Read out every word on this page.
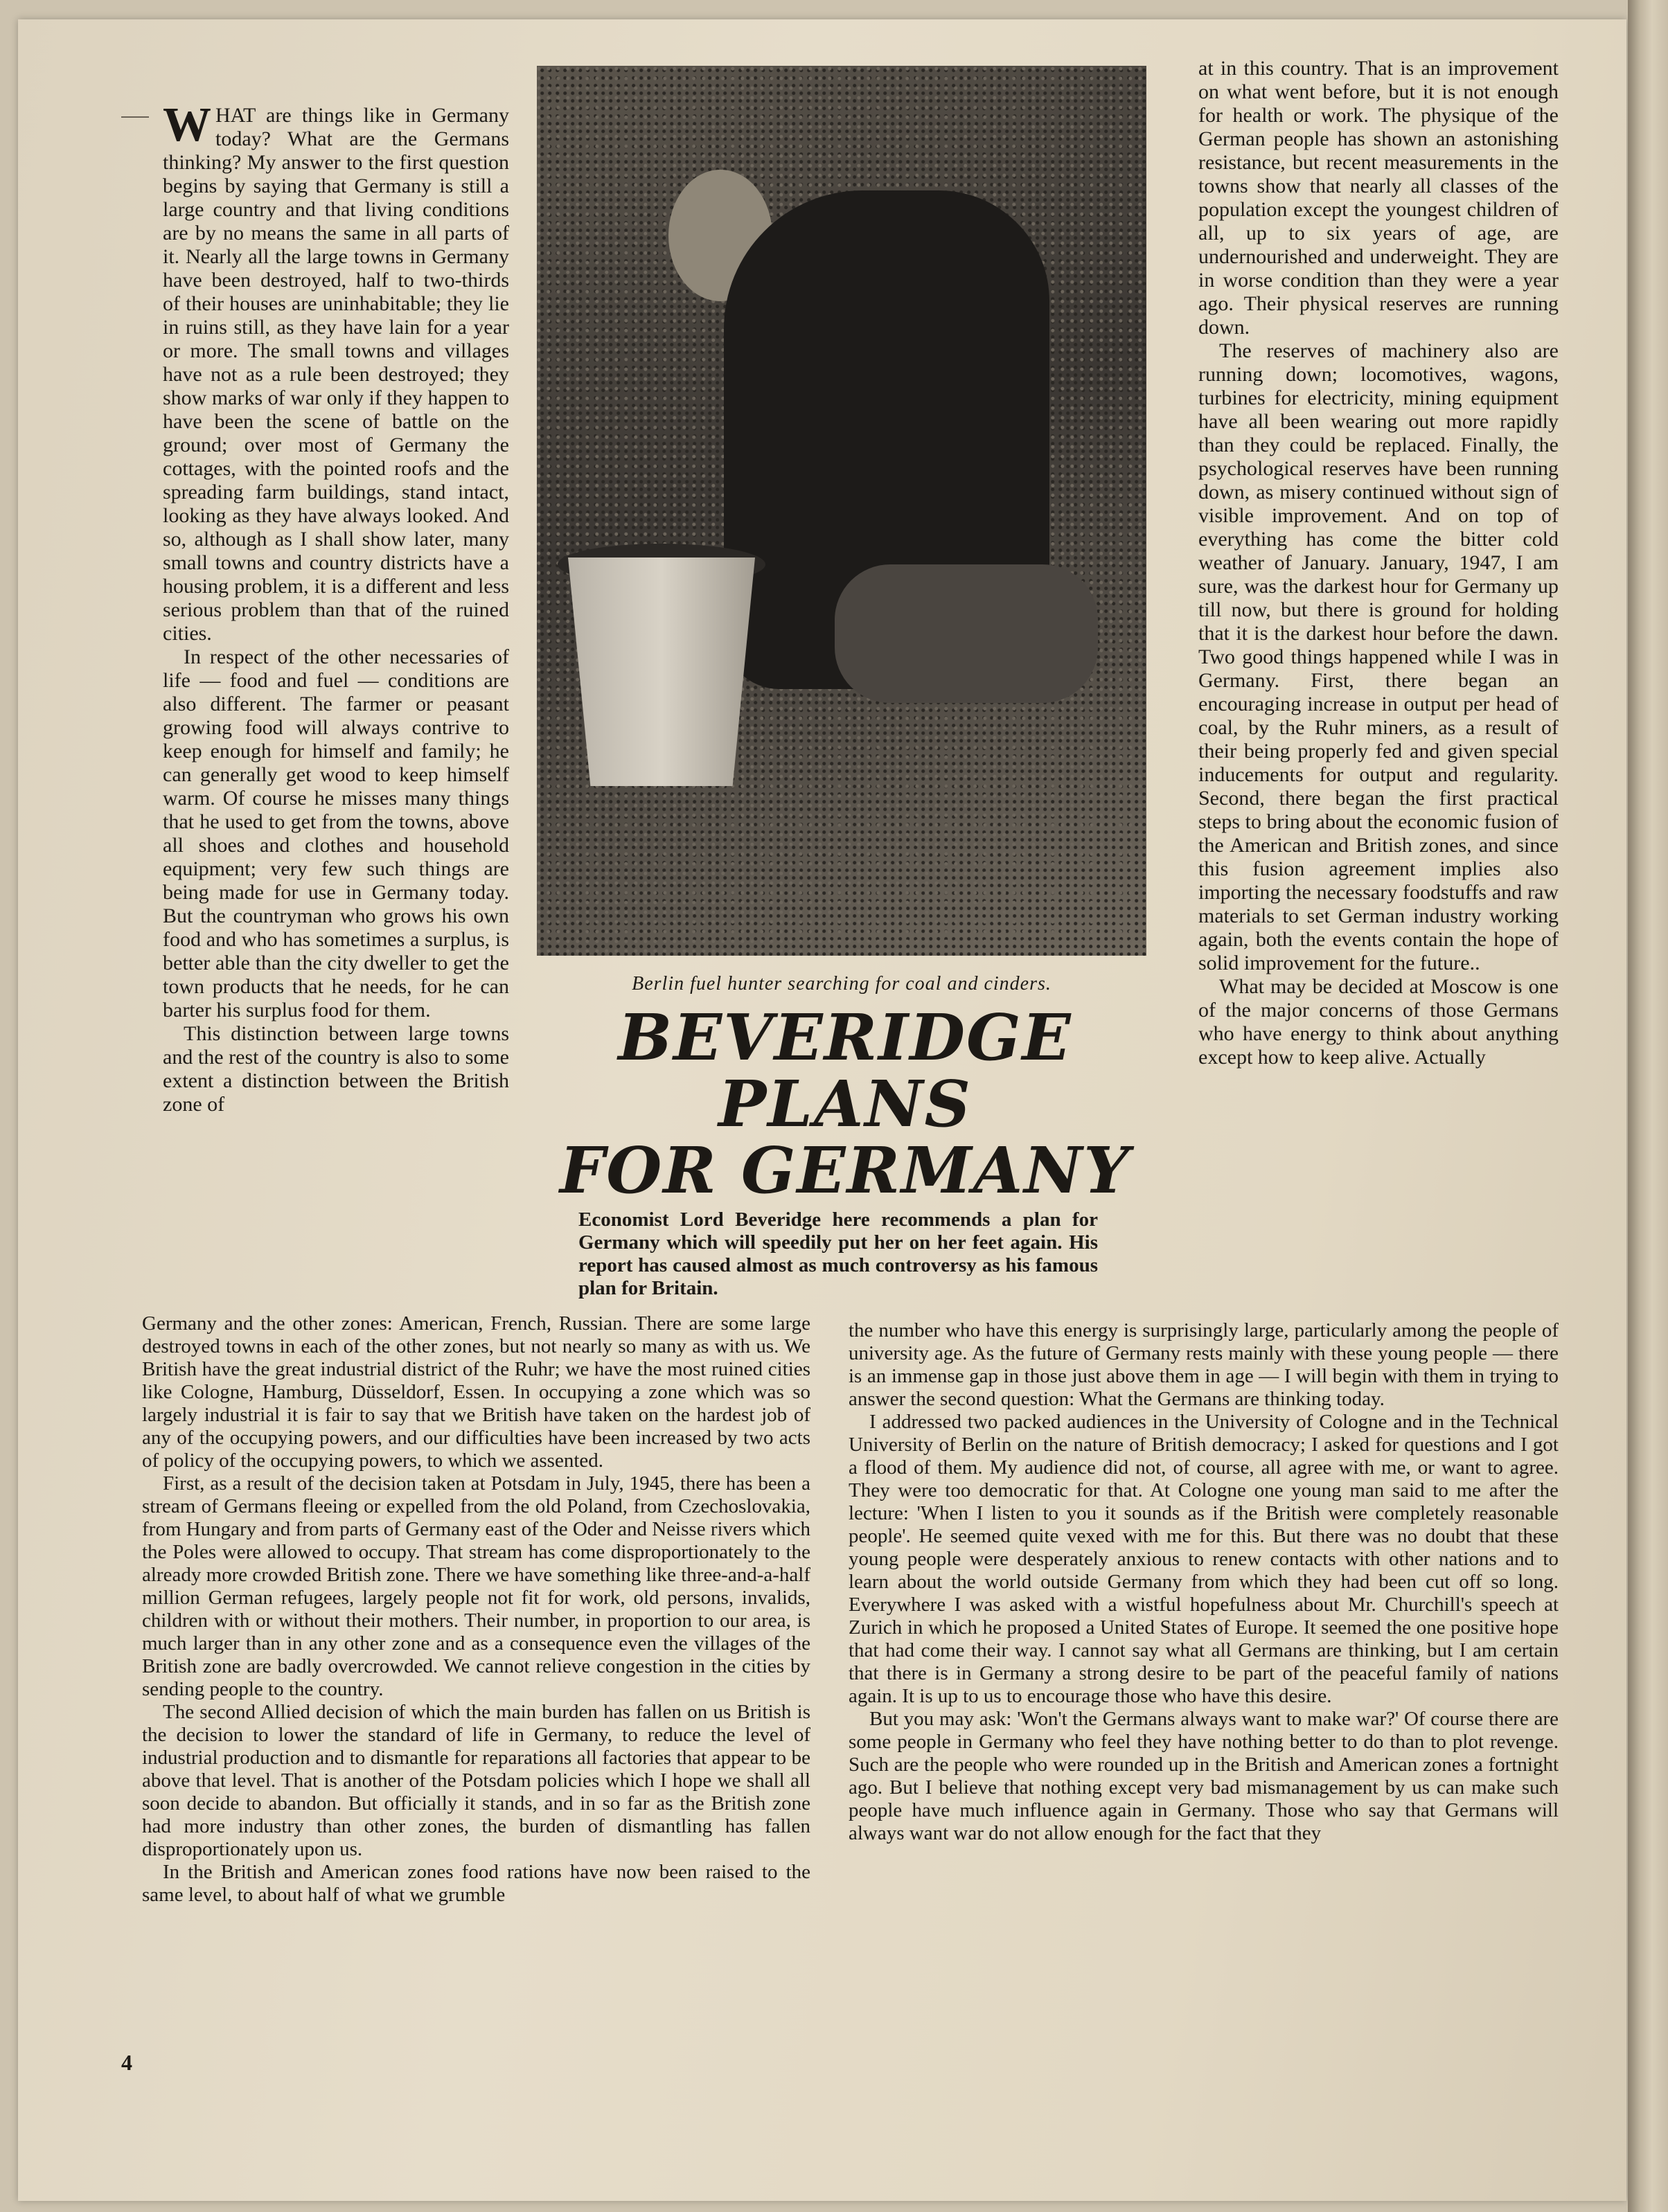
WHAT are things like in Germany today? What are the Germans thinking? My answer to the first question begins by saying that Germany is still a large country and that living conditions are by no means the same in all parts of it. Nearly all the large towns in Germany have been destroyed, half to two-thirds of their houses are uninhabitable; they lie in ruins still, as they have lain for a year or more. The small towns and villages have not as a rule been destroyed; they show marks of war only if they happen to have been the scene of battle on the ground; over most of Germany the cottages, with the pointed roofs and the spreading farm buildings, stand intact, looking as they have always looked. And so, although as I shall show later, many small towns and country districts have a housing problem, it is a different and less serious problem than that of the ruined cities.

In respect of the other necessaries of life — food and fuel — conditions are also different. The farmer or peasant growing food will always contrive to keep enough for himself and family; he can generally get wood to keep himself warm. Of course he misses many things that he used to get from the towns, above all shoes and clothes and household equipment; very few such things are being made for use in Germany today. But the countryman who grows his own food and who has sometimes a surplus, is better able than the city dweller to get the town products that he needs, for he can barter his surplus food for them.

This distinction between large towns and the rest of the country is also to some extent a distinction between the British zone of

Berlin fuel hunter searching for coal and cinders.
BEVERIDGE
PLANS
FOR GERMANY

Economist Lord Beveridge here recommends a plan for Germany which will speedily put her on her feet again. His report has caused almost as much controversy as his famous plan for Britain.

at in this country. That is an improvement on what went before, but it is not enough for health or work. The physique of the German people has shown an astonishing resistance, but recent measurements in the towns show that nearly all classes of the population except the youngest children of all, up to six years of age, are undernourished and underweight. They are in worse condition than they were a year ago. Their physical reserves are running down.

The reserves of machinery also are running down; locomotives, wagons, turbines for electricity, mining equipment have all been wearing out more rapidly than they could be replaced. Finally, the psychological reserves have been running down, as misery continued without sign of visible improvement. And on top of everything has come the bitter cold weather of January. January, 1947, I am sure, was the darkest hour for Germany up till now, but there is ground for holding that it is the darkest hour before the dawn. Two good things happened while I was in Germany. First, there began an encouraging increase in output per head of coal, by the Ruhr miners, as a result of their being properly fed and given special inducements for output and regularity. Second, there began the first practical steps to bring about the economic fusion of the American and British zones, and since this fusion agreement implies also importing the necessary foodstuffs and raw materials to set German industry working again, both the events contain the hope of solid improvement for the future..

What may be decided at Moscow is one of the major concerns of those Germans who have energy to think about anything except how to keep alive. Actually

Germany and the other zones: American, French, Russian. There are some large destroyed towns in each of the other zones, but not nearly so many as with us. We British have the great industrial district of the Ruhr; we have the most ruined cities like Cologne, Hamburg, Düsseldorf, Essen. In occupying a zone which was so largely industrial it is fair to say that we British have taken on the hardest job of any of the occupying powers, and our difficulties have been increased by two acts of policy of the occupying powers, to which we assented.

First, as a result of the decision taken at Potsdam in July, 1945, there has been a stream of Germans fleeing or expelled from the old Poland, from Czechoslovakia, from Hungary and from parts of Germany east of the Oder and Neisse rivers which the Poles were allowed to occupy. That stream has come disproportionately to the already more crowded British zone. There we have something like three-and-a-half million German refugees, largely people not fit for work, old persons, invalids, children with or without their mothers. Their number, in proportion to our area, is much larger than in any other zone and as a consequence even the villages of the British zone are badly overcrowded. We cannot relieve congestion in the cities by sending people to the country.

The second Allied decision of which the main burden has fallen on us British is the decision to lower the standard of life in Germany, to reduce the level of industrial production and to dismantle for reparations all factories that appear to be above that level. That is another of the Potsdam policies which I hope we shall all soon decide to abandon. But officially it stands, and in so far as the British zone had more industry than other zones, the burden of dismantling has fallen disproportionately upon us.

In the British and American zones food rations have now been raised to the same level, to about half of what we grumble

the number who have this energy is surprisingly large, particularly among the people of university age. As the future of Germany rests mainly with these young people — there is an immense gap in those just above them in age — I will begin with them in trying to answer the second question: What the Germans are thinking today.

I addressed two packed audiences in the University of Cologne and in the Technical University of Berlin on the nature of British democracy; I asked for questions and I got a flood of them. My audience did not, of course, all agree with me, or want to agree. They were too democratic for that. At Cologne one young man said to me after the lecture: 'When I listen to you it sounds as if the British were completely reasonable people'. He seemed quite vexed with me for this. But there was no doubt that these young people were desperately anxious to renew contacts with other nations and to learn about the world outside Germany from which they had been cut off so long. Everywhere I was asked with a wistful hopefulness about Mr. Churchill's speech at Zurich in which he proposed a United States of Europe. It seemed the one positive hope that had come their way. I cannot say what all Germans are thinking, but I am certain that there is in Germany a strong desire to be part of the peaceful family of nations again. It is up to us to encourage those who have this desire.

But you may ask: 'Won't the Germans always want to make war?' Of course there are some people in Germany who feel they have nothing better to do than to plot revenge. Such are the people who were rounded up in the British and American zones a fortnight ago. But I believe that nothing except very bad mismanagement by us can make such people have much influence again in Germany. Those who say that Germans will always want war do not allow enough for the fact that they

4
